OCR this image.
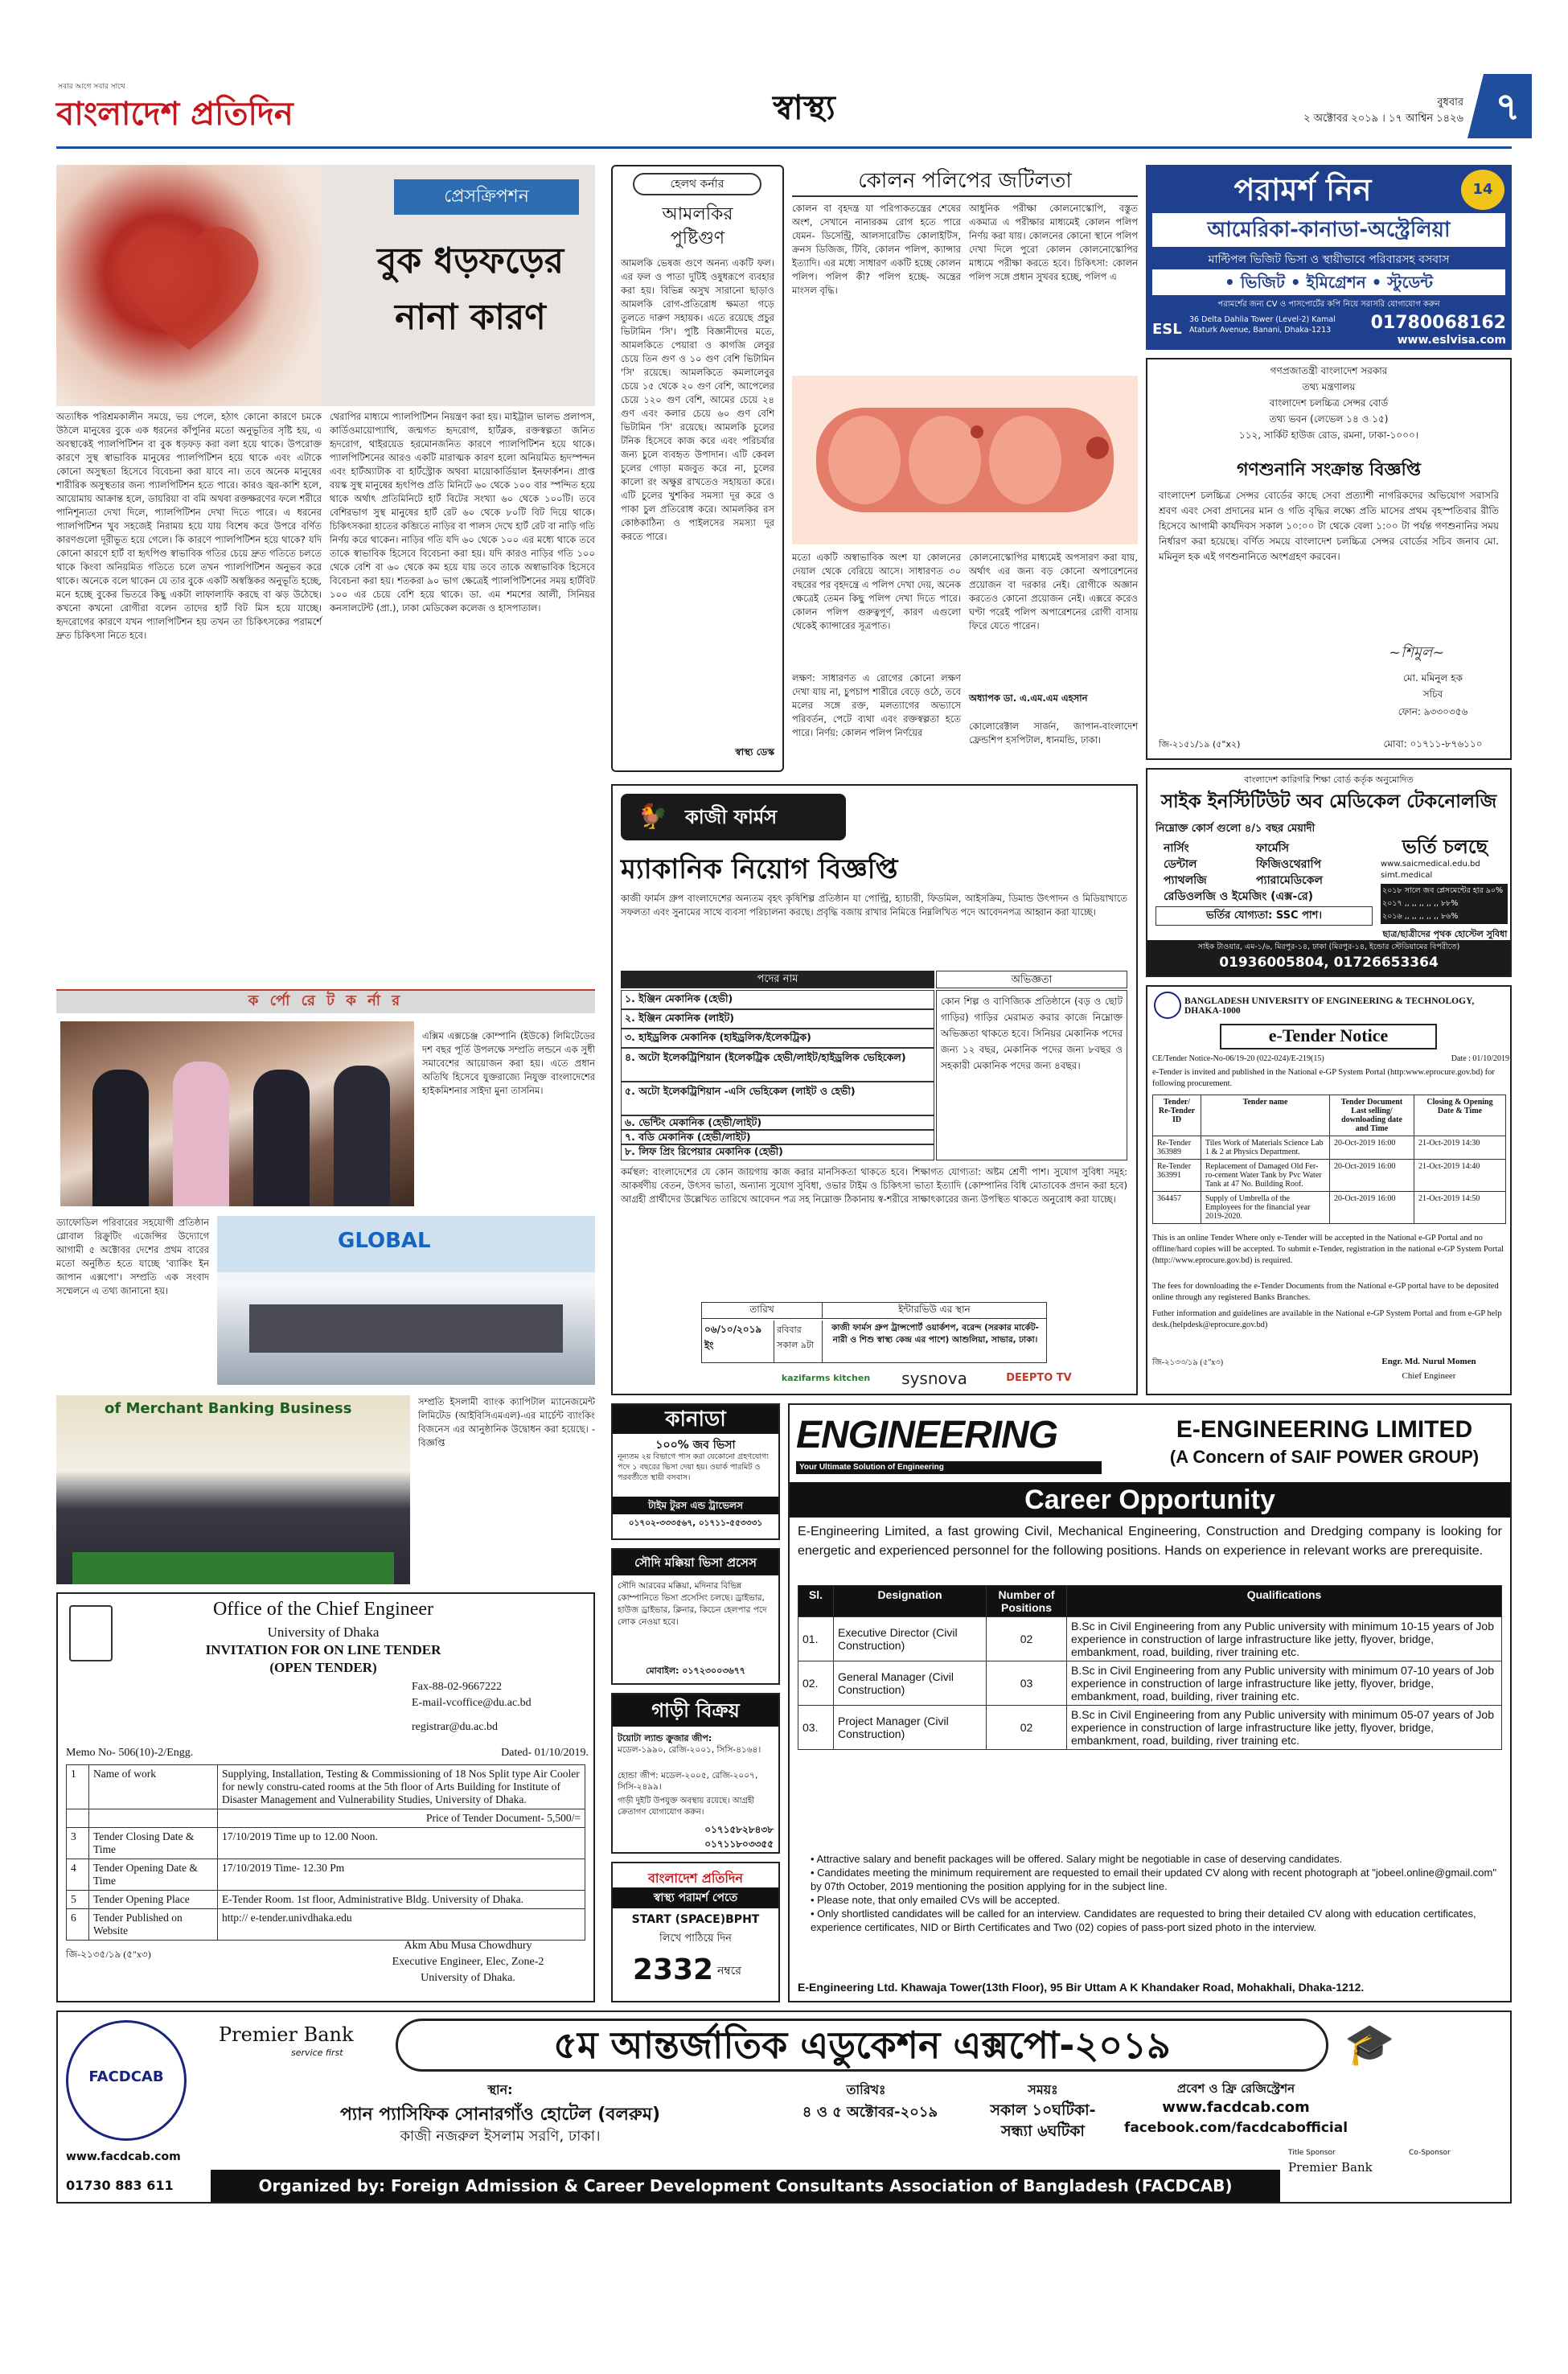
সবার আগে সবার সাথে
বাংলাদেশ প্রতিদিন	স্বাস্থ্য	বুধবার
২ অক্টোবর ২০১৯ । ১৭ আশ্বিন ১৪২৬ ৭
প্রেসক্রিপশন
বুক ধড়ফড়ের
নানা কারণ
অত্যধিক পরিশ্রমকালীন সময়ে, ভয় পেলে, হঠাৎ কোনো কারণে চমকে উঠলে মানুষের বুকে এক ধরনের কাঁপুনির মতো অনুভূতির সৃষ্টি হয়, এ অবস্থাকেই প্যালপিটিশন বা বুক ধড়ফড় করা বলা হয়ে থাকে। উপরোক্ত কারণে সুস্থ স্বাভাবিক মানুষের প্যালপিটিশন হয়ে থাকে এবং এটাকে কোনো অসুস্থতা হিসেবে বিবেচনা করা যাবে না। তবে অনেক মানুষের শারীরিক অসুস্থতার জন্য প্যালপিটিশন হতে পারে। কারও জ্বর-কাশি হলে, আয়োমায় আক্রান্ত হলে, ডায়রিয়া বা বমি অথবা রক্তক্ষরণের ফলে শরীরে পানিশূন্যতা দেখা দিলে, প্যালপিটিশন দেখা দিতে পারে। এ ধরনের প্যালপিটিশন খুব সহজেই নিরাময় হয়ে যায় বিশেষ করে উপরে বর্ণিত কারণগুলো দূরীভূত হয়ে গেলে। কি কারণে প্যালপিটিশন হয়ে থাকে? যদি কোনো কারণে হার্ট বা হৃৎপিণ্ড স্বাভাবিক গতির চেয়ে দ্রুত গতিতে চলতে থাকে কিংবা অনিয়মিত গতিতে চলে তখন প্যালপিটিশন অনুভব করে থাকে। অনেকে বলে থাকেন যে তার বুকে একটি অস্বস্তিকর অনুভূতি হচ্ছে, মনে হচ্ছে বুকের ভিতরে কিছু একটা লাফালাফি করছে বা ঝড় উঠেছে। কখনো কখনো রোগীরা বলেন তাদের হার্ট বিট মিস হয়ে যাচ্ছে। হৃদরোগের কারণে যখন প্যালপিটিশন হয় তখন তা চিকিৎসকের পরামর্শে দ্রুত চিকিৎসা নিতে হবে।
থেরাপির মাধ্যমে প্যালপিটিশন নিয়ন্ত্রণ করা হয়। মাইট্রাল ভালভ প্রলাপস, কার্ডিওমায়োপ্যাথি, জন্মগত হৃদরোগ, হার্টব্লক, রক্তস্বল্পতা জনিত হৃদরোগ, থাইরয়েড হরমোনজনিত কারণে প্যালপিটিশন হয়ে থাকে। প্যালপিটিশনের আরও একটি মারাত্মক কারণ হলো অনিয়মিত হৃদস্পন্দন এবং হার্টঅ্যাটাক বা হার্টস্ট্রোক অথবা মায়োকার্ডিয়াল ইনফার্কশন। প্রাপ্ত বয়স্ক সুস্থ মানুষের হৃৎপিণ্ড প্রতি মিনিটে ৬০ থেকে ১০০ বার স্পন্দিত হয়ে থাকে অর্থাৎ প্রতিমিনিটে হার্ট বিটের সংখ্যা ৬০ থেকে ১০০টি। তবে বেশিরভাগ সুস্থ মানুষের হার্ট রেট ৬০ থেকে ৮০টি বিট দিয়ে থাকে। চিকিৎসকরা হাতের কব্জিতে নাড়ির বা পালস দেখে হার্ট রেট বা নাড়ি গতি নির্ণয় করে থাকেন। নাড়ির গতি যদি ৬০ থেকে ১০০ এর মধ্যে থাকে তবে তাকে স্বাভাবিক হিসেবে বিবেচনা করা হয়। যদি কারও নাড়ির গতি ১০০ থেকে বেশি বা ৬০ থেকে কম হয়ে যায় তবে তাকে অস্বাভাবিক হিসেবে বিবেচনা করা হয়। শতকরা ৯০ ভাগ ক্ষেত্রেই প্যালপিটিশনের সময় হার্টবিট ১০০ এর চেয়ে বেশি হয়ে থাকে। ডা. এম শমশের আলী, সিনিয়র কনসালটেন্ট (প্রা.), ঢাকা মেডিকেল কলেজ ও হাসপাতাল।
ক র্পো রে ট ক র্না র
এক্সিম এক্সচেঞ্জ কোম্পানি (ইউকে) লিমিটেডের দশ বছর পূর্তি উপলক্ষে সম্প্রতি লন্ডনে এক সুধী সমাবেশের আয়োজন করা হয়। এতে প্রধান অতিথি হিসেবে যুক্তরাজ্যে নিযুক্ত বাংলাদেশের হাইকমিশনার সাইদা মুনা তাসনিম।
GLOBAL
ড্যাফোডিল পরিবারের সহযোগী প্রতিষ্ঠান গ্লোবাল রিক্রুটিং এজেন্সির উদ্যোগে আগামী ৫ অক্টোবর দেশের প্রথম বারের মতো অনুষ্ঠিত হতে যাচ্ছে 'ব্যাকিং ইন জাপান এক্সপো'। সম্প্রতি এক সংবাদ সম্মেলনে এ তথ্য জানানো হয়।
of Merchant Banking Business	সম্প্রতি ইসলামী ব্যাংক ক্যাপিটাল ম্যানেজমেন্ট লিমিটেড (আইবিসিএমএল)-এর মার্চেন্ট ব্যাংকিং বিজনেস এর আনুষ্ঠানিক উদ্বোধন করা হয়েছে। - বিজ্ঞপ্তি
হেলথ কর্নার
আমলকির
পুষ্টিগুণ
আমলকি ভেষজ গুণে অনন্য একটি ফল। এর ফল ও পাতা দুটিই ওষুধরূপে ব্যবহার করা হয়। বিভিন্ন অসুখ সারানো ছাড়াও আমলকি রোগ-প্রতিরোধ ক্ষমতা গড়ে তুলতে দারুণ সহায়ক। এতে রয়েছে প্রচুর ভিটামিন 'সি'। পুষ্টি বিজ্ঞানীদের মতে, আমলকিতে পেয়ারা ও কাগজি লেবুর চেয়ে তিন গুণ ও ১০ গুণ বেশি ভিটামিন 'সি' রয়েছে। আমলকিতে কমলালেবুর চেয়ে ১৫ থেকে ২০ গুণ বেশি, আপেলের চেয়ে ১২০ গুণ বেশি, আমের চেয়ে ২৪ গুণ এবং কলার চেয়ে ৬০ গুণ বেশি ভিটামিন 'সি' রয়েছে। আমলকি চুলের টনিক হিসেবে কাজ করে এবং পরিচর্যার জন্য চুলে ব্যবহৃত উপাদান। এটি কেবল চুলের গোড়া মজবুত করে না, চুলের কালো রং অক্ষুণ্ণ রাখতেও সহায়তা করে। এটি চুলের খুশকির সমস্যা দূর করে ও পাকা চুল প্রতিরোধ করে। আমলকির রস কোষ্ঠকাঠিন্য ও পাইলসের সমস্যা দূর করতে পারে।
স্বাস্থ্য ডেস্ক
কোলন পলিপের জটিলতা
কোলন বা বৃহদন্ত্র যা পরিপাকতন্ত্রের শেষের অংশ, সেখানে নানারকম রোগ হতে পারে যেমন- ডিসেন্ট্রি, আলসারেটিভ কোলাইটিস, ক্রনস ডিজিজ, টিবি, কোলন পলিপ, ক্যান্সার ইত্যাদি। এর মধ্যে সাধারণ একটি হচ্ছে কোলন পলিপ। পলিপ কী? পলিপ হচ্ছে- অন্ত্রের মাংসল বৃদ্ধি।
আধুনিক পরীক্ষা কোলনোস্কোপি, বস্তুত একমাত্র এ পরীক্ষার মাধ্যমেই কোলন পলিপ নির্ণয় করা যায়। কোলনের কোনো স্থানে পলিপ দেখা দিলে পুরো কোলন কোলনোস্কোপির মাধ্যমে পরীক্ষা করতে হবে। চিকিৎসা: কোলন পলিপ সঙ্গে প্রধান সুখবর হচ্ছে, পলিপ এ
মতো একটি অস্বাভাবিক অংশ যা কোলনের দেয়াল থেকে বেরিয়ে আসে। সাধারণত ৩০ বছরের পর বৃহদন্ত্রে এ পলিপ দেখা দেয়, অনেক ক্ষেত্রেই তেমন কিছু পলিপ দেখা দিতে পারে। কোলন পলিপ গুরুত্বপূর্ণ, কারণ এগুলো থেকেই ক্যান্সারের সূত্রপাত।
লক্ষণ: সাধারণত এ রোগের কোনো লক্ষণ দেখা যায় না, চুপচাপ শারীরে বেড়ে ওঠে, তবে মলের সঙ্গে রক্ত, মলত্যাগের অভ্যাসে পরিবর্তন, পেটে ব্যথা এবং রক্তস্বল্পতা হতে পারে। নির্ণয়: কোলন পলিপ নির্ণয়ের
কোলনোস্কোপির মাধ্যমেই অপসারণ করা যায়, অর্থাৎ এর জন্য বড় কোনো অপারেশনের প্রয়োজন বা দরকার নেই। রোগীকে অজ্ঞান করতেও কোনো প্রয়োজন নেই। এক্সরে করেও ঘণ্টা পরেই পলিপ অপারেশনের রোগী বাসায় ফিরে যেতে পারেন।
অধ্যাপক ডা. এ.এম.এম এহসান
কোলোরেক্টাল সার্জন, জাপান-বাংলাদেশ ফ্রেন্ডশিপ হসপিটাল, ধানমন্ডি, ঢাকা।
🐓 কাজী ফার্মস
ম্যাকানিক নিয়োগ বিজ্ঞপ্তি
কাজী ফার্মস গ্রুপ বাংলাদেশের অন্যতম বৃহৎ কৃষিশিল্প প্রতিষ্ঠান যা পোল্ট্রি, হ্যাচারী, ফিডমিল, আইসক্রিম, ডিমান্ড উৎপাদন ও মিডিয়াখাতে সফলতা এবং সুনামের সাথে ব্যবসা পরিচালনা করছে। প্রবৃদ্ধি বজায় রাখার নিমিত্তে নিম্নলিখিত পদে আবেদনপত্র আহ্বান করা যাচ্ছে।
পদের নাম	অভিজ্ঞতা
১. ইঞ্জিন মেকানিক (হেভী)
২. ইঞ্জিন মেকানিক (লাইট)
৩. হাইড্রলিক মেকানিক (হাইড্রলিক/ইলেকট্রিক)
৪. অটো ইলেকট্রিশিয়ান (ইলেকট্রিক হেভী/লাইট/হাইড্রলিক ভেহিকেল)
৫. অটো ইলেকট্রিশিয়ান -এসি ভেহিকেল (লাইট ও হেভী)
৬. ভেন্টিং মেকানিক (হেভী/লাইট)
৭. বডি মেকানিক (হেভী/লাইট)
৮. লিফ প্রিং রিপেয়ার মেকানিক (হেভী)
কোন শিল্প ও বাণিজ্যিক প্রতিষ্ঠানে (বড় ও ছোট গাড়ির) গাড়ির মেরামত করার কাজে নিম্নোক্ত অভিজ্ঞতা থাকতে হবে। সিনিয়র মেকানিক পদের জন্য ১২ বছর, মেকানিক পদের জন্য ৮বছর ও সহকারী মেকানিক পদের জন্য ৪বছর।
কর্মস্থল: বাংলাদেশের যে কোন জায়গায় কাজ করার মানসিকতা থাকতে হবে। শিক্ষাগত যোগ্যতা: অষ্টম শ্রেণী পাশ। সুযোগ সুবিধা সমূহ: আকর্ষণীয় বেতন, উৎসব ভাতা, অন্যান্য সুযোগ সুবিধা, ওভার টাইম ও চিকিৎসা ভাতা ইত্যাদি (কোম্পানির বিধি মোতাবেক প্রদান করা হবে) আগ্রহী প্রার্থীদের উল্লেখিত তারিখে আবেদন পত্র সহ নিম্নোক্ত ঠিকানায় স্ব-শরীরে সাক্ষাৎকারের জন্য উপস্থিত থাকতে অনুরোধ করা যাচ্ছে।
তারিখ	ইন্টারভিউ এর স্থান
০৬/১০/২০১৯ ইং
রবিবার সকাল ৯টা
কাজী ফার্মস গ্রুপ ট্রান্সপোর্ট ওয়ার্কশপ, বরেন্দ (সরকার মার্কেট-নারী ও শিশু স্বাস্থ্য কেন্দ্র এর পাশে) আশুলিয়া, সাভার, ঢাকা।
kazifarms kitchen	sysnova	DEEPTO TV
পরামর্শ নিন	14
আমেরিকা-কানাডা-অস্ট্রেলিয়া
মাল্টিপল ভিজিট ভিসা ও স্থায়ীভাবে পরিবারসহ বসবাস
• ভিজিট • ইমিগ্রেশন • স্টুডেন্ট
পরামর্শের জন্য CV ও পাসপোর্টের কপি নিয়ে সরাসরি যোগাযোগ করুন
ESL
36 Delta Dahlia Tower (Level-2) Kamal Ataturk Avenue, Banani, Dhaka-1213	01780068162
www.eslvisa.com
গণপ্রজাতন্ত্রী বাংলাদেশ সরকার
তথ্য মন্ত্রণালয়
বাংলাদেশ চলচ্চিত্র সেন্সর বোর্ড
তথ্য ভবন (লেভেল ১৪ ও ১৫)
১১২, সার্কিট হাউজ রোড, রমনা, ঢাকা-১০০০।
গণশুনানি সংক্রান্ত বিজ্ঞপ্তি
বাংলাদেশ চলচ্চিত্র সেন্সর বোর্ডের কাছে সেবা প্রত্যাশী নাগরিকদের অভিযোগ সরাসরি শ্রবণ এবং সেবা প্রদানের মান ও গতি বৃদ্ধির লক্ষ্যে প্রতি মাসের প্রথম বৃহস্পতিবার রীতি হিসেবে আগামী কার্যদিবস সকাল ১০:০০ টা থেকে বেলা ১:০০ টা পর্যন্ত গণশুনানির সময় নির্ধারণ করা হয়েছে। বর্ণিত সময়ে বাংলাদেশ চলচ্চিত্র সেন্সর বোর্ডের সচিব জনাব মো. মমিনুল হক এই গণশুনানিতে অংশগ্রহণ করবেন।
~শিমুল~
মো. মমিনুল হক
সচিব
ফোন: ৯৩৩০৩৫৬
জি-২১৫১/১৯ (৫"x২)	মোবা: ০১৭১১-৮৭৬১১০
বাংলাদেশ কারিগরি শিক্ষা বোর্ড কর্তৃক অনুমোদিত
সাইক ইনস্টিটিউট অব মেডিকেল টেকনোলজি
নিম্নোক্ত কোর্স গুলো ৪/১ বছর মেয়াদী
ভর্তি চলছে
নার্সিং	ফার্মেসি
ডেন্টাল	ফিজিওথেরাপি
প্যাথলজি	প্যারামেডিকেল
রেডিওলজি ও ইমেজিং (এক্স-রে)
www.saicmedical.edu.bd
simt.medical
২০১৮ সালে জব প্লেসমেন্টের হার ৯০%
২০১৭ ,, ,, ,, ,, ,, ৮৮%
২০১৬ ,, ,, ,, ,, ,, ৮৬%
ভর্তির যোগ্যতা: SSC পাশ।
ছাত্র/ছাত্রীদের পৃথক হোস্টেল সুবিধা
সাইক টাওয়ার, এম-১/৬, মিরপুর-১৪, ঢাকা (মিরপুর-১৪, ইন্ডোর স্টেডিয়ামের বিপরীতে)
01936005804, 01726653364
BANGLADESH UNIVERSITY OF ENGINEERING & TECHNOLOGY, DHAKA-1000
e-Tender Notice
CE/Tender Notice-No-06/19-20 (022-024)/E-219(15)	Date : 01/10/2019
e-Tender is invited and published in the National e-GP System Portal (http:www.eprocure.gov.bd) for following procurement.
Tender/ Re-Tender ID	Tender name	Tender Document Last selling/ downloading date and Time	Closing & Opening Date & Time
Re-Tender 363989	Tiles Work of Materials Science Lab 1 & 2 at Physics Department.	20-Oct-2019 16:00	21-Oct-2019 14:30
Re-Tender 363991	Replacement of Damaged Old Fer-ro-cement Water Tank by Pvc Water Tank at 47 No. Building Roof.	20-Oct-2019 16:00	21-Oct-2019 14:40
364457	Supply of Umbrella of the Employees for the financial year 2019-2020.	20-Oct-2019 16:00	21-Oct-2019 14:50
This is an online Tender Where only e-Tender will be accepted in the National e-GP Portal and no offline/hard copies will be accepted. To submit e-Tender, registration in the national e-GP System Portal (http://www.eprocure.gov.bd) is required.
The fees for downloading the e-Tender Documents from the National e-GP portal have to be deposited online through any registered Banks Branches.
Futher information and guidelines are available in the National e-GP System Portal and from e-GP help desk.(helpdesk@eprocure.gov.bd)
জি-২১৩৩/১৯ (৫"x৩)	Engr. Md. Nurul Momen
Chief Engineer
Office of the Chief Engineer
University of Dhaka
INVITATION FOR ON LINE TENDER
(OPEN TENDER)
Fax-88-02-9667222
E-mail-vcoffice@du.ac.bd
registrar@du.ac.bd
Memo No- 506(10)-2/Engg.	Dated- 01/10/2019.
1	Name of work	Supplying, Installation, Testing & Commissioning of 18 Nos Split type Air Cooler for newly constru-cated rooms at the 5th floor of Arts Building for Institute of Disaster Management and Vulnerability Studies, University of Dhaka.
		Price of Tender Document- 5,500/=
3	Tender Closing Date & Time	17/10/2019 Time up to 12.00 Noon.
4	Tender Opening Date & Time	17/10/2019 Time- 12.30 Pm
5	Tender Opening Place	E-Tender Room. 1st floor, Administrative Bldg. University of Dhaka.
6	Tender Published on Website	http:// e-tender.univdhaka.edu
Akm Abu Musa Chowdhury
Executive Engineer, Elec, Zone-2
University of Dhaka.
জি-২১৩৫/১৯ (৫"x৩)
কানাডা
১০০% জব ভিসা
নূন্যতম ২য় বিভাগে পাস করা যেকোনো গ্রহণযোগ্য পদে ১ বছরের ভিসা দেয়া হয়। ওয়ার্ক পারমিট ও পরবর্তীতে স্থায়ী বসবাস।
টাইম টুরস এন্ড ট্রাভেলস
০১৭০২-৩৩৩৫৬৭, ০১৭১১-৫৫৩৩৩১
সৌদি মক্কিয়া ভিসা প্রসেস
সৌদি আরবের মক্কিয়া, মদিনার বিভিন্ন কোম্পানিতে ভিসা প্রসেসিং চলছে। ড্রাইভার, হাউজ ড্রাইভার, ক্লিনার, কিচেন হেলপার পদে লোক নেওয়া হবে।
মোবাইল: ০১৭২৩০০৩৬৭৭
গাড়ী বিক্রয়
টয়োটা ল্যান্ড ক্রুজার জীপ:
মডেল-১৯৯০, রেজি-২০০১, সিসি-৪১৬৪।
হোন্ডা জীপ: মডেল-২০০৫, রেজি-২০০৭, সিসি-২৪৯৯।
গাড়ী দুইটি উপযুক্ত অবস্থায় রয়েছে। আগ্রহী ক্রেতাগণ যোগাযোগ করুন।
০১৭১৫৮২৮৪৩৮
০১৭১১৮০৩৩৫৫
বাংলাদেশ প্রতিদিন
স্বাস্থ্য পরামর্শ পেতে
START (SPACE)BPHT
লিখে পাঠিয়ে দিন
2332 নম্বরে
ENGINEERING
Your Ultimate Solution of Engineering
E-ENGINEERING LIMITED
(A Concern of SAIF POWER GROUP)
Career Opportunity
E-Engineering Limited, a fast growing Civil, Mechanical Engineering, Construction and Dredging company is looking for energetic and experienced personnel for the following positions. Hands on experience in relevant works are prerequisite.
Sl.	Designation	Number of Positions	Qualifications
01.	Executive Director (Civil Construction)	02	B.Sc in Civil Engineering from any Public university with minimum 10-15 years of Job experience in construction of large infrastructure like jetty, flyover, bridge, embankment, road, building, river training etc.
02.	General Manager (Civil Construction)	03	B.Sc in Civil Engineering from any Public university with minimum 07-10 years of Job experience in construction of large infrastructure like jetty, flyover, bridge, embankment, road, building, river training etc.
03.	Project Manager (Civil Construction)	02	B.Sc in Civil Engineering from any Public university with minimum 05-07 years of Job experience in construction of large infrastructure like jetty, flyover, bridge, embankment, road, building, river training etc.
• Attractive salary and benefit packages will be offered. Salary might be negotiable in case of deserving candidates.
• Candidates meeting the minimum requirement are requested to email their updated CV along with recent photograph at "jobeel.online@gmail.com" by 07th October, 2019 mentioning the position applying for in the subject line.
• Please note, that only emailed CVs will be accepted.
• Only shortlisted candidates will be called for an interview. Candidates are requested to bring their detailed CV along with education certificates, experience certificates, NID or Birth Certificates and Two (02) copies of pass-port sized photo in the interview.
E-Engineering Ltd. Khawaja Tower(13th Floor), 95 Bir Uttam A K Khandaker Road, Mohakhali, Dhaka-1212.
FACDCAB
www.facdcab.com
01730 883 611
Premier Bank
service first	৫ম আন্তর্জাতিক এডুকেশন এক্সপো-২০১৯	🎓
স্থান:
প্যান প্যাসিফিক সোনারগাঁও হোটেল (বলরুম)
কাজী নজরুল ইসলাম সরণি, ঢাকা।
তারিখঃ
৪ ও ৫ অক্টোবর-২০১৯
সময়ঃ
সকাল ১০ঘটিকা-
সন্ধ্যা ৬ঘটিকা
প্রবেশ ও ফ্রি রেজিস্ট্রেশন
www.facdcab.com
facebook.com/facdcabofficial
Title Sponsor	Co-Sponsor
Premier Bank
Organized by: Foreign Admission & Career Development Consultants Association of Bangladesh (FACDCAB)
